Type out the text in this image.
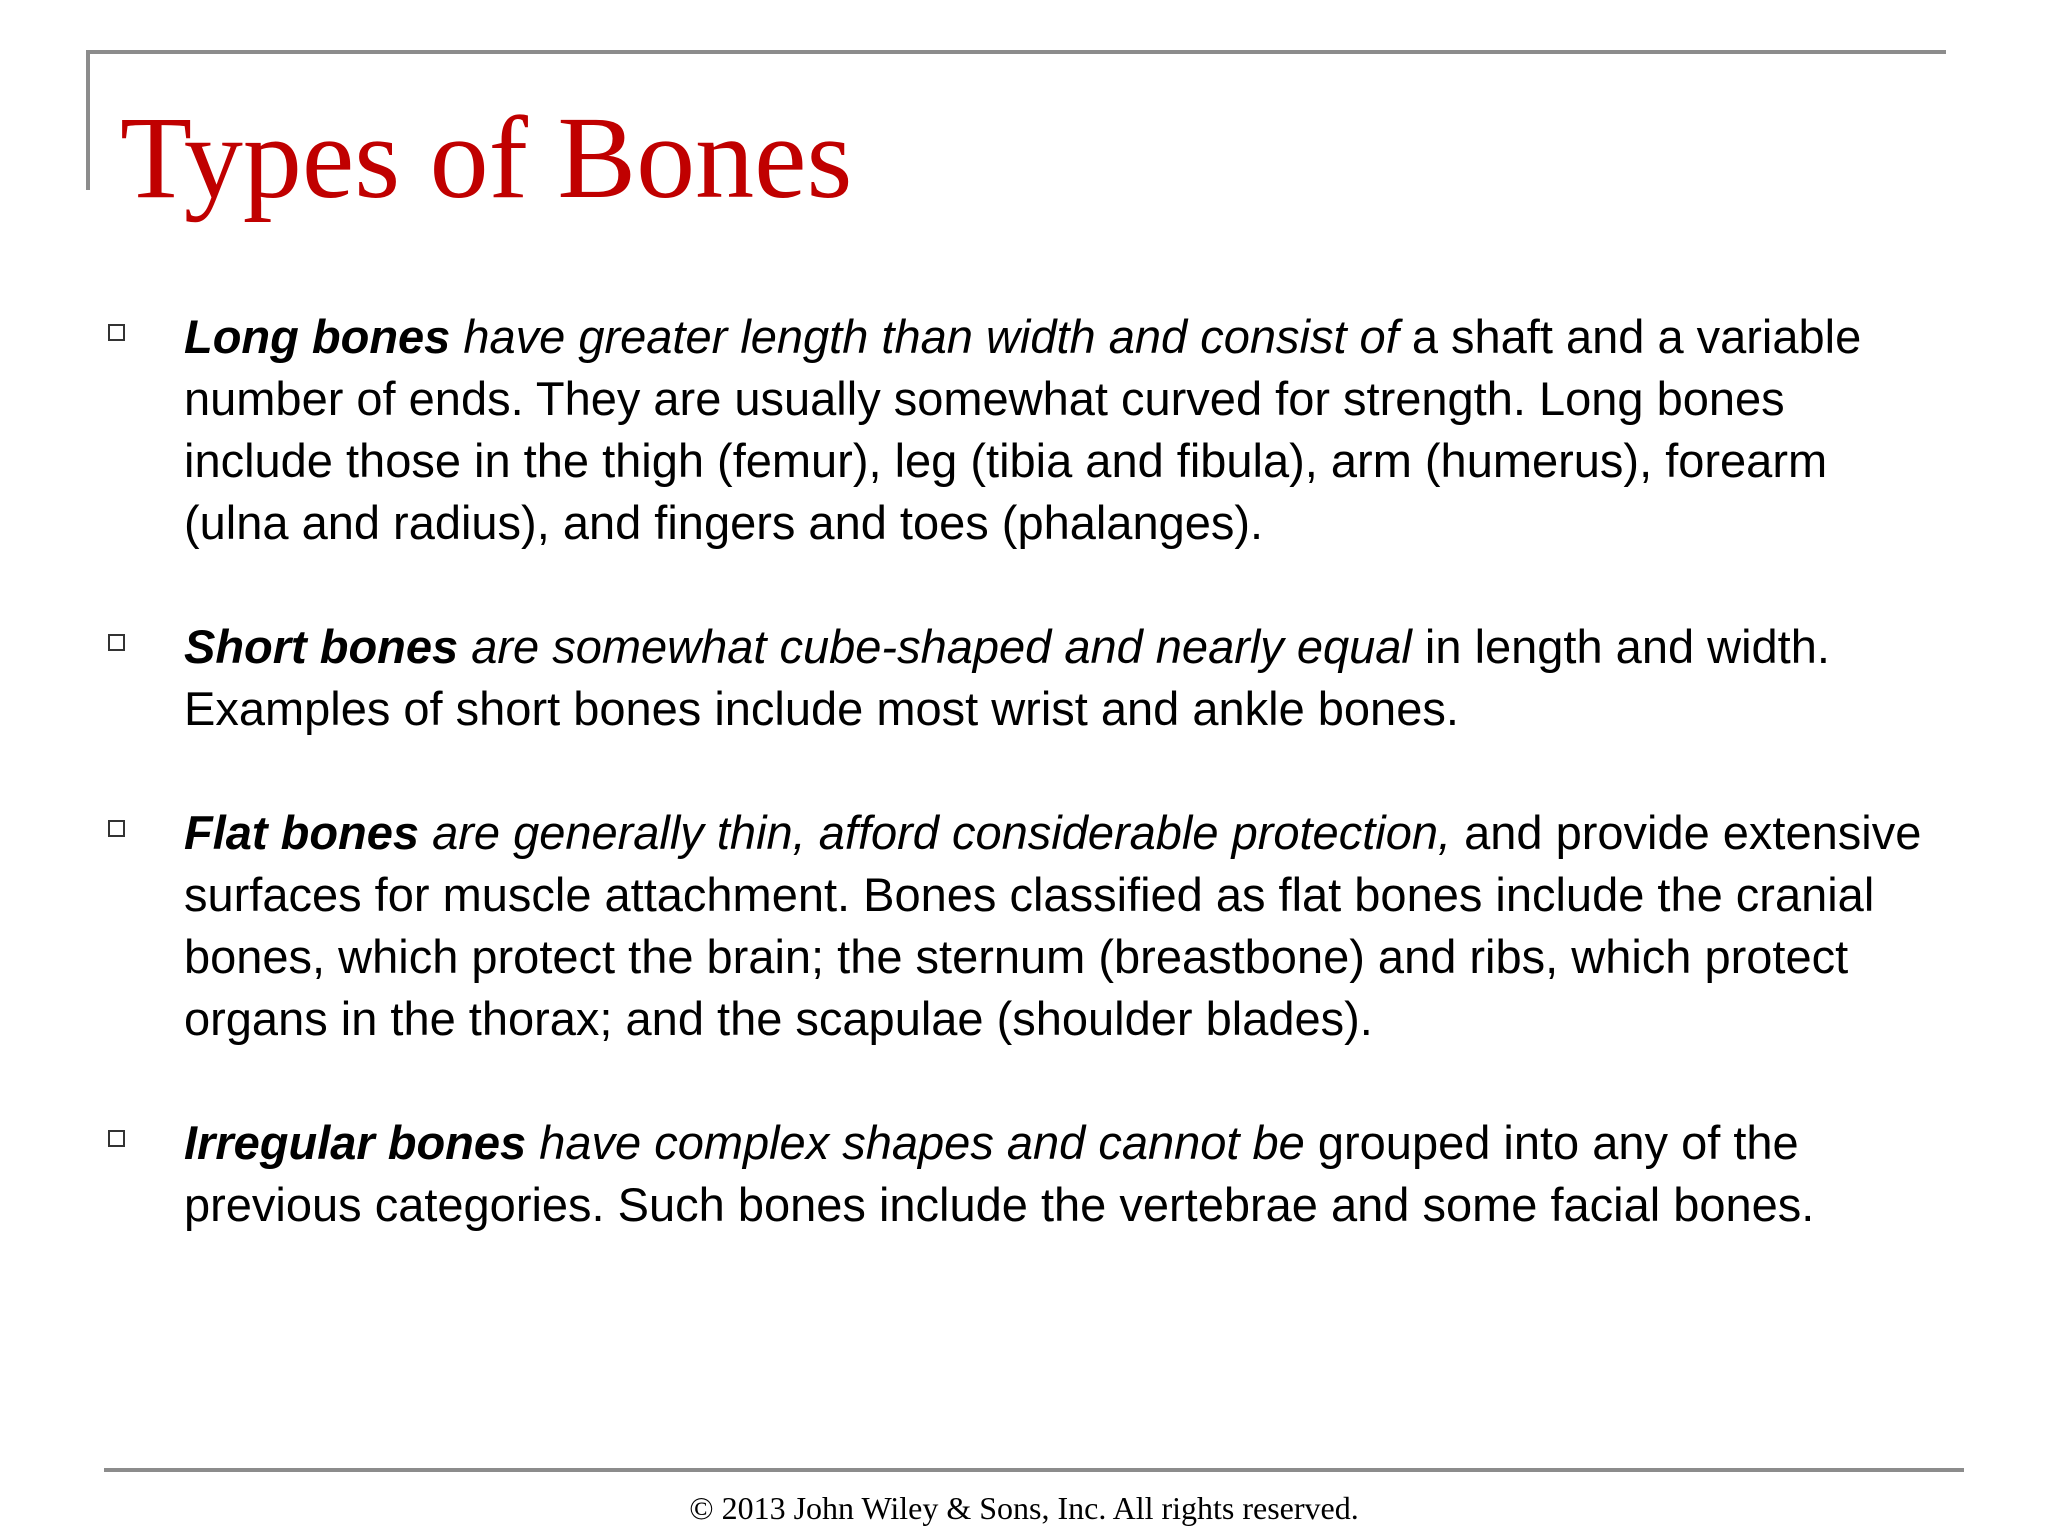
Types of Bones

Long bones have greater length than width and consist of a shaft and a variable number of ends. They are usually somewhat curved for strength. Long bones include those in the thigh (femur), leg (tibia and fibula), arm (humerus), forearm (ulna and radius), and fingers and toes (phalanges).

Short bones are somewhat cube-shaped and nearly equal in length and width. Examples of short bones include most wrist and ankle bones.

Flat bones are generally thin, afford considerable protection, and provide extensive surfaces for muscle attachment. Bones classified as flat bones include the cranial bones, which protect the brain; the sternum (breastbone) and ribs, which protect organs in the thorax; and the scapulae (shoulder blades).

Irregular bones have complex shapes and cannot be grouped into any of the previous categories. Such bones include the vertebrae and some facial bones.

© 2013 John Wiley & Sons, Inc. All rights reserved.
